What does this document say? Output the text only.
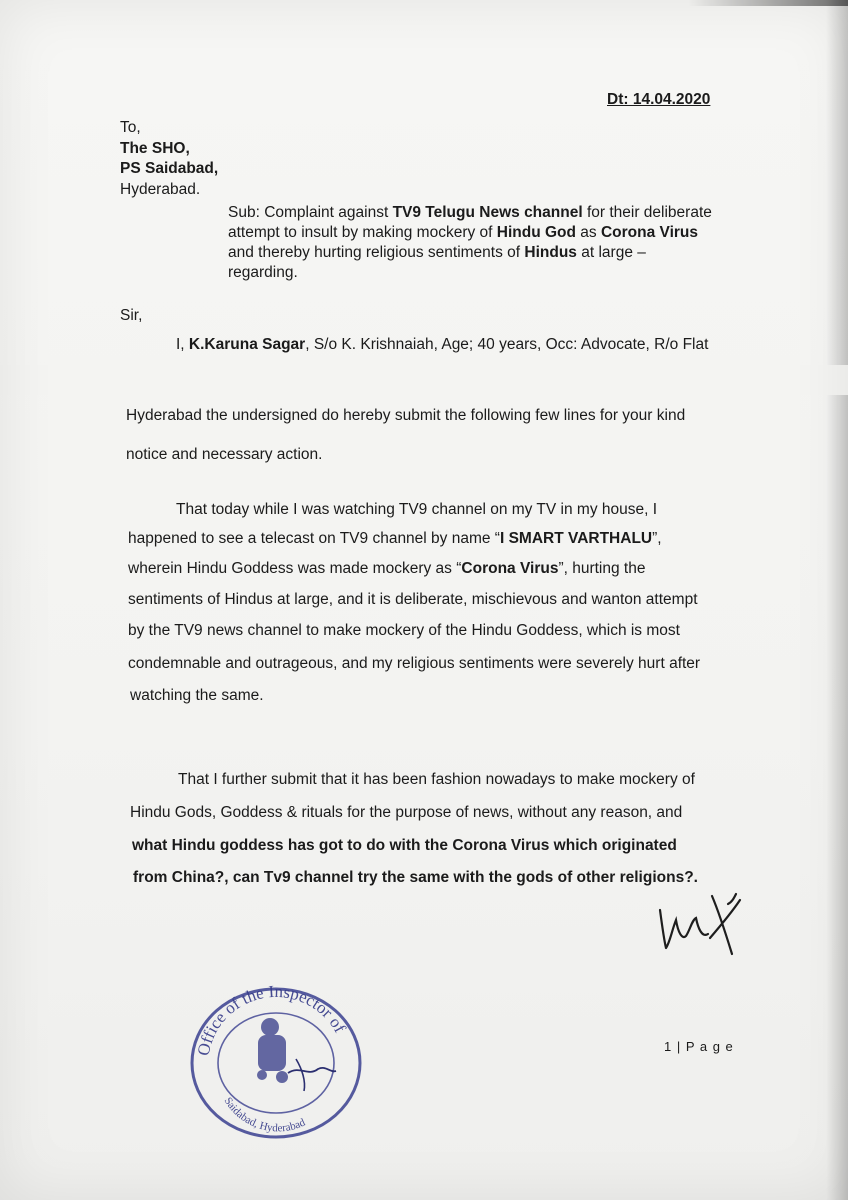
Dt: 14.04.2020
To,
The SHO,
PS Saidabad,
Hyderabad.
Sub: Complaint against TV9 Telugu News channel for their deliberate
attempt to insult by making mockery of Hindu God as Corona Virus
and thereby hurting religious sentiments of Hindus at large –
regarding.
Sir,
I, K.Karuna Sagar, S/o K. Krishnaiah, Age; 40 years, Occ: Advocate, R/o Flat
Hyderabad the undersigned do hereby submit the following few lines for your kind
notice and necessary action.
That today while I was watching TV9 channel on my TV in my house, I
happened to see a telecast on TV9 channel by name “I SMART VARTHALU”,
wherein Hindu Goddess was made mockery as “Corona Virus”, hurting the
sentiments of Hindus at large, and it is deliberate, mischievous and wanton attempt
by the TV9 news channel to make mockery of the Hindu Goddess, which is most
condemnable and outrageous, and my religious sentiments were severely hurt after
watching the same.
That I further submit that it has been fashion nowadays to make mockery of
Hindu Gods, Goddess & rituals for the purpose of news, without any reason, and
what Hindu goddess has got to do with the Corona Virus which originated
from China?, can Tv9 channel try the same with the gods of other religions?.
Office of the Inspector of
Saidabad, Hyderabad
1 | P a g e
